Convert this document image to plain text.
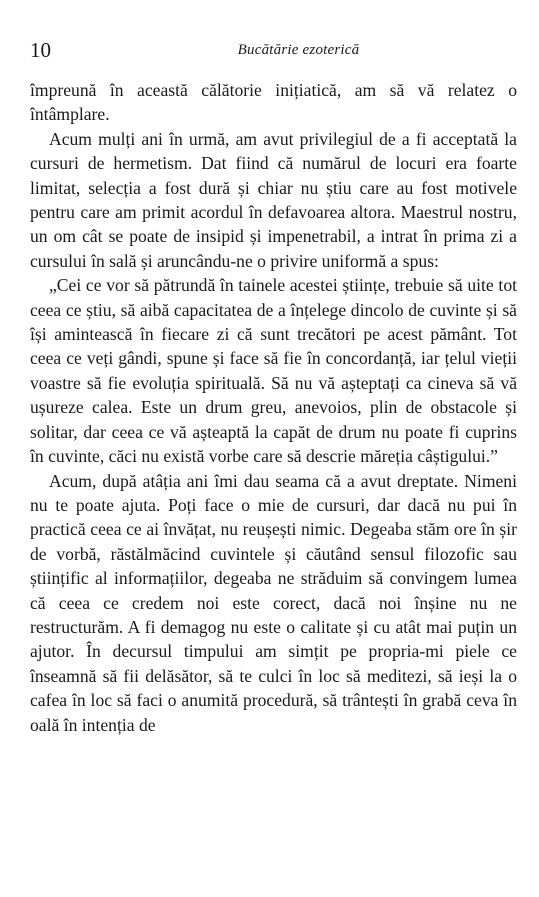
10	Bucătărie ezoterică

împreună în această călătorie inițiatică, am să vă relatez o întâmplare.

Acum mulți ani în urmă, am avut privilegiul de a fi acceptată la cursuri de hermetism. Dat fiind că numărul de locuri era foarte limitat, selecția a fost dură și chiar nu știu care au fost motivele pentru care am primit acordul în defavoarea altora. Maestrul nostru, un om cât se poate de insipid și impenetrabil, a intrat în prima zi a cursului în sală și aruncându-ne o privire uniformă a spus:

„Cei ce vor să pătrundă în tainele acestei științe, trebuie să uite tot ceea ce știu, să aibă capacitatea de a înțelege dincolo de cuvinte și să își amintească în fiecare zi că sunt trecători pe acest pământ. Tot ceea ce veți gândi, spune și face să fie în concordanță, iar țelul vieții voastre să fie evoluția spirituală. Să nu vă așteptați ca cineva să vă ușureze calea. Este un drum greu, anevoios, plin de obstacole și solitar, dar ceea ce vă așteaptă la capăt de drum nu poate fi cuprins în cuvinte, căci nu există vorbe care să descrie măreția câștigului.”

Acum, după atâția ani îmi dau seama că a avut dreptate. Nimeni nu te poate ajuta. Poți face o mie de cursuri, dar dacă nu pui în practică ceea ce ai învățat, nu reușești nimic. Degeaba stăm ore în șir de vorbă, răstălmăcind cuvintele și căutând sensul filozofic sau științific al informațiilor, degeaba ne străduim să convingem lumea că ceea ce credem noi este corect, dacă noi înșine nu ne restructurăm. A fi demagog nu este o calitate și cu atât mai puțin un ajutor. În decursul timpului am simțit pe propria-mi piele ce înseamnă să fii delăsător, să te culci în loc să meditezi, să ieși la o cafea în loc să faci o anumită procedură, să trântești în grabă ceva în oală în intenția de
